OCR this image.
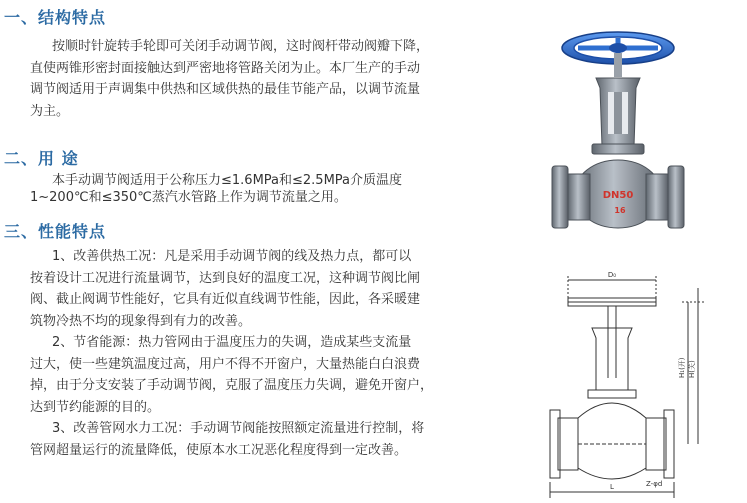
一、结构特点
按顺时针旋转手轮即可关闭手动调节阀，这时阀杆带动阀瓣下降，
直使两锥形密封面接触达到严密地将管路关闭为止。本厂生产的手动
调节阀适用于声调集中供热和区域供热的最佳节能产品，以调节流量
为主。
二、用 途
本手动调节阀适用于公称压力≤1.6MPa和≤2.5MPa介质温度
1~200℃和≤350℃蒸汽水管路上作为调节流量之用。
三、性能特点
1、改善供热工况：凡是采用手动调节阀的线及热力点，都可以
按着设计工况进行流量调节，达到良好的温度工况，这种调节阀比闸
阀、截止阀调节性能好，它具有近似直线调节性能，因此，各采暖建
筑物冷热不均的现象得到有力的改善。
2、节省能源：热力管网由于温度压力的失调，造成某些支流量
过大，使一些建筑温度过高，用户不得不开窗户，大量热能白白浪费
掉，由于分支安装了手动调节阀，克服了温度压力失调，避免开窗户，
达到节约能源的目的。
3、改善管网水力工况：手动调节阀能按照额定流量进行控制，将
管网超量运行的流量降低，使原本水工况恶化程度得到一定改善。
DN50
16
D₀
H₁(开) H(关)
Z-φd
L
